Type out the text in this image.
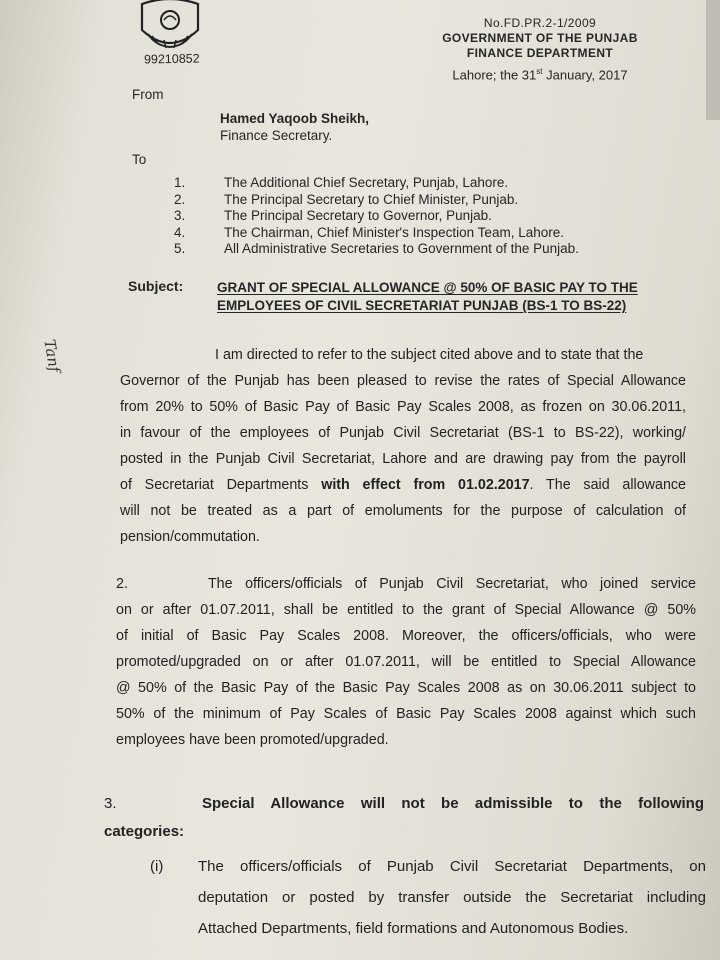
99210852
No.FD.PR.2-1/2009
GOVERNMENT OF THE PUNJAB
FINANCE DEPARTMENT
Lahore; the 31st January, 2017
From
Hamed Yaqoob Sheikh,
Finance Secretary.
To
1.	The Additional Chief Secretary, Punjab, Lahore.
2.	The Principal Secretary to Chief Minister, Punjab.
3.	The Principal Secretary to Governor, Punjab.
4.	The Chairman, Chief Minister's Inspection Team, Lahore.
5.	All Administrative Secretaries to Government of the Punjab.
Subject:	GRANT OF SPECIAL ALLOWANCE @ 50% OF BASIC PAY TO THE
EMPLOYEES OF CIVIL SECRETARIAT PUNJAB (BS-1 TO BS-22)
Tanf	I am directed to refer to the subject cited above and to state that the
Governor of the Punjab has been pleased to revise the rates of Special Allowance
from 20% to 50% of Basic Pay of Basic Pay Scales 2008, as frozen on 30.06.2011,
in favour of the employees of Punjab Civil Secretariat (BS-1 to BS-22), working/
posted in the Punjab Civil Secretariat, Lahore and are drawing pay from the payroll
of Secretariat Departments with effect from 01.02.2017. The said allowance
will not be treated as a part of emoluments for the purpose of calculation of
pension/commutation.
2.	The officers/officials of Punjab Civil Secretariat, who joined service
on or after 01.07.2011, shall be entitled to the grant of Special Allowance @ 50%
of initial of Basic Pay Scales 2008. Moreover, the officers/officials, who were
promoted/upgraded on or after 01.07.2011, will be entitled to Special Allowance
@ 50% of the Basic Pay of the Basic Pay Scales 2008 as on 30.06.2011 subject to
50% of the minimum of Pay Scales of Basic Pay Scales 2008 against which such
employees have been promoted/upgraded.
3.	Special Allowance will not be admissible to the following
categories:
(i) The officers/officials of Punjab Civil Secretariat Departments, on
deputation or posted by transfer outside the Secretariat including
Attached Departments, field formations and Autonomous Bodies.
